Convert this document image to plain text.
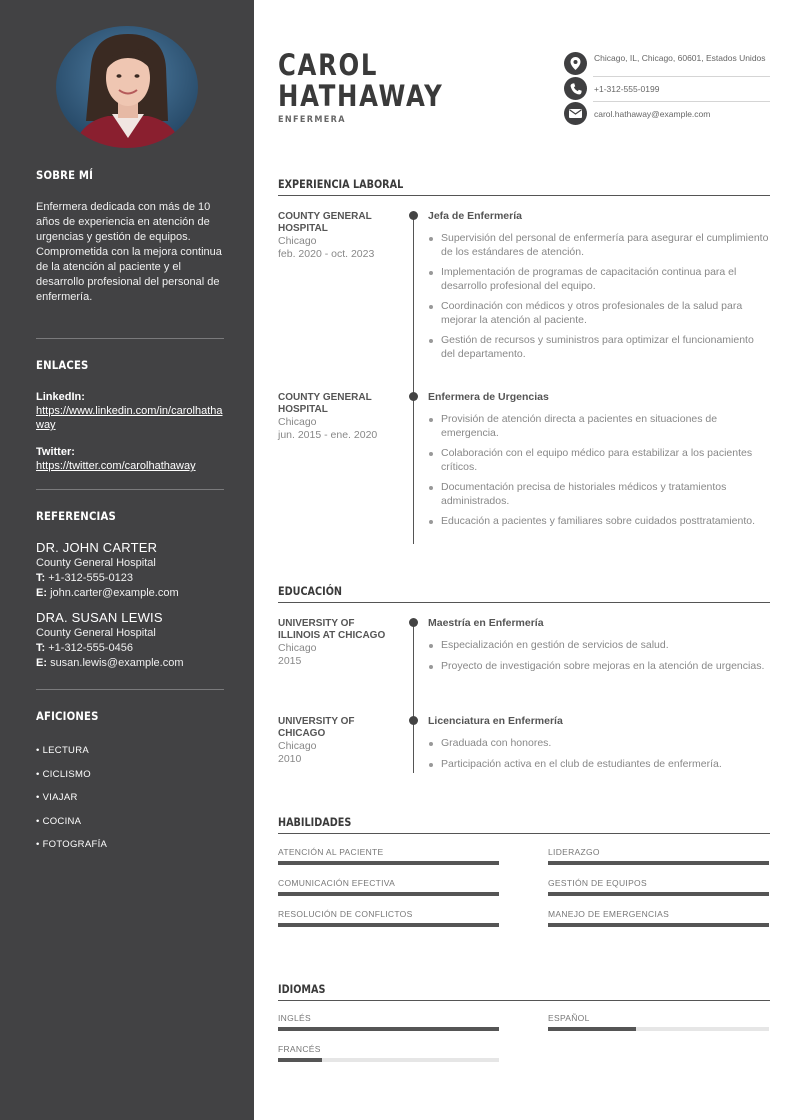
SOBRE MÍ
Enfermera dedicada con más de 10 años de experiencia en atención de urgencias y gestión de equipos. Comprometida con la mejora continua de la atención al paciente y el desarrollo profesional del personal de enfermería.
ENLACES
LinkedIn:
https://www.linkedin.com/in/carolhathaway
Twitter:
https://twitter.com/carolhathaway
REFERENCIAS
DR. JOHN CARTER
County General Hospital
T: +1-312-555-0123
E: john.carter@example.com
DRA. SUSAN LEWIS
County General Hospital
T: +1-312-555-0456
E: susan.lewis@example.com
AFICIONES
• LECTURA
• CICLISMO
• VIAJAR
• COCINA
• FOTOGRAFÍA
CAROL
HATHAWAY
ENFERMERA
Chicago, IL, Chicago, 60601, Estados Unidos
+1-312-555-0199
carol.hathaway@example.com
EXPERIENCIA LABORAL
COUNTY GENERAL HOSPITAL
Chicago
feb. 2020 - oct. 2023
Jefa de Enfermería
Supervisión del personal de enfermería para asegurar el cumplimiento de los estándares de atención.
Implementación de programas de capacitación continua para el desarrollo profesional del equipo.
Coordinación con médicos y otros profesionales de la salud para mejorar la atención al paciente.
Gestión de recursos y suministros para optimizar el funcionamiento del departamento.
COUNTY GENERAL HOSPITAL
Chicago
jun. 2015 - ene. 2020
Enfermera de Urgencias
Provisión de atención directa a pacientes en situaciones de emergencia.
Colaboración con el equipo médico para estabilizar a los pacientes críticos.
Documentación precisa de historiales médicos y tratamientos administrados.
Educación a pacientes y familiares sobre cuidados posttratamiento.
EDUCACIÓN
UNIVERSITY OF ILLINOIS AT CHICAGO
Chicago
2015
Maestría en Enfermería
Especialización en gestión de servicios de salud.
Proyecto de investigación sobre mejoras en la atención de urgencias.
UNIVERSITY OF CHICAGO
Chicago
2010
Licenciatura en Enfermería
Graduada con honores.
Participación activa en el club de estudiantes de enfermería.
HABILIDADES
ATENCIÓN AL PACIENTE	LIDERAZGO
COMUNICACIÓN EFECTIVA	GESTIÓN DE EQUIPOS
RESOLUCIÓN DE CONFLICTOS	MANEJO DE EMERGENCIAS
IDIOMAS
INGLÉS	ESPAÑOL
FRANCÉS
